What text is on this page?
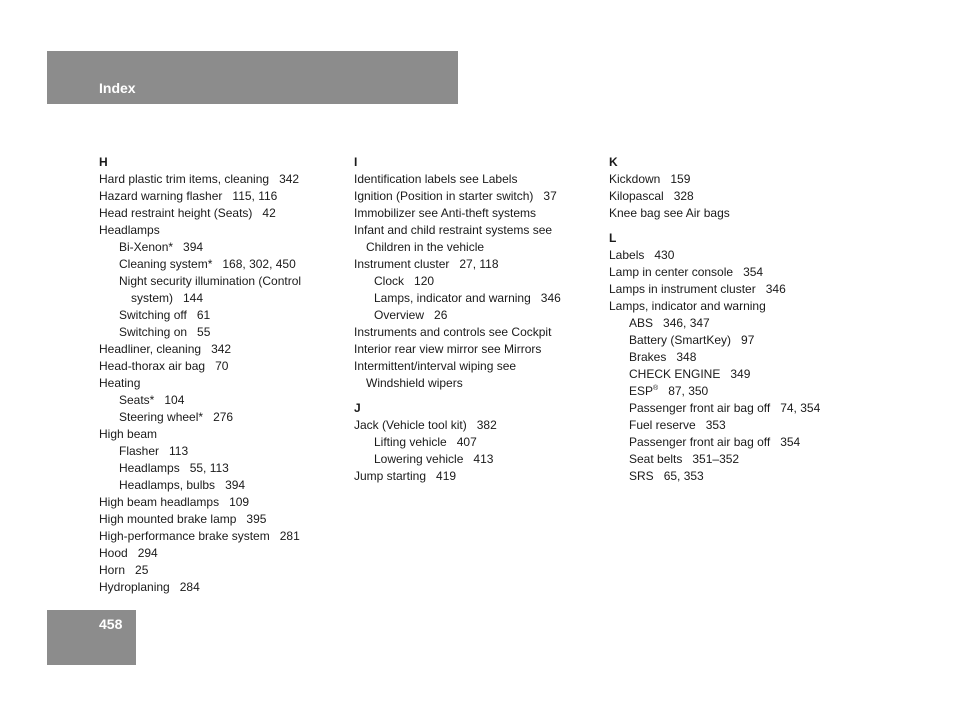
Index
H
Hard plastic trim items, cleaning 342
Hazard warning flasher 115, 116
Head restraint height (Seats) 42
Headlamps
Bi-Xenon* 394
Cleaning system* 168, 302, 450
Night security illumination (Control
system) 144
Switching off 61
Switching on 55
Headliner, cleaning 342
Head-thorax air bag 70
Heating
Seats* 104
Steering wheel* 276
High beam
Flasher 113
Headlamps 55, 113
Headlamps, bulbs 394
High beam headlamps 109
High mounted brake lamp 395
High-performance brake system 281
Hood 294
Horn 25
Hydroplaning 284
I
Identification labels see Labels
Ignition (Position in starter switch) 37
Immobilizer see Anti-theft systems
Infant and child restraint systems see
Children in the vehicle
Instrument cluster 27, 118
Clock 120
Lamps, indicator and warning 346
Overview 26
Instruments and controls see Cockpit
Interior rear view mirror see Mirrors
Intermittent/interval wiping see
Windshield wipers
J
Jack (Vehicle tool kit) 382
Lifting vehicle 407
Lowering vehicle 413
Jump starting 419
K
Kickdown 159
Kilopascal 328
Knee bag see Air bags
L
Labels 430
Lamp in center console 354
Lamps in instrument cluster 346
Lamps, indicator and warning
ABS 346, 347
Battery (SmartKey) 97
Brakes 348
CHECK ENGINE 349
ESP® 87, 350
Passenger front air bag off 74, 354
Fuel reserve 353
Passenger front air bag off 354
Seat belts 351–352
SRS 65, 353
458
